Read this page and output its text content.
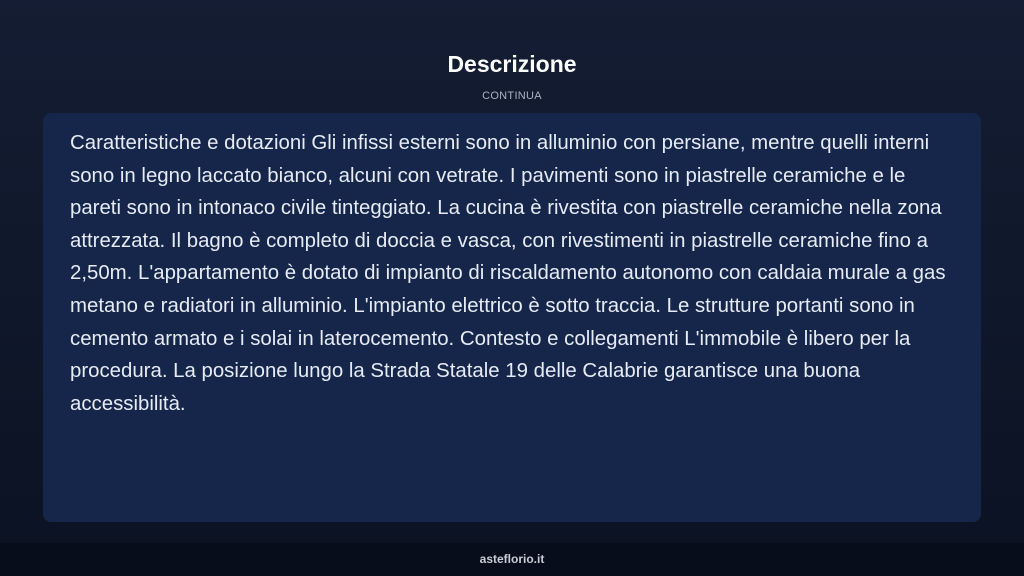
Descrizione
CONTINUA

Caratteristiche e dotazioni Gli infissi esterni sono in alluminio con persiane, mentre quelli interni sono in legno laccato bianco, alcuni con vetrate. I pavimenti sono in piastrelle ceramiche e le pareti sono in intonaco civile tinteggiato. La cucina è rivestita con piastrelle ceramiche nella zona attrezzata. Il bagno è completo di doccia e vasca, con rivestimenti in piastrelle ceramiche fino a 2,50m. L'appartamento è dotato di impianto di riscaldamento autonomo con caldaia murale a gas metano e radiatori in alluminio. L'impianto elettrico è sotto traccia. Le strutture portanti sono in cemento armato e i solai in laterocemento. Contesto e collegamenti L'immobile è libero per la procedura. La posizione lungo la Strada Statale 19 delle Calabrie garantisce una buona accessibilità.

asteflorio.it
